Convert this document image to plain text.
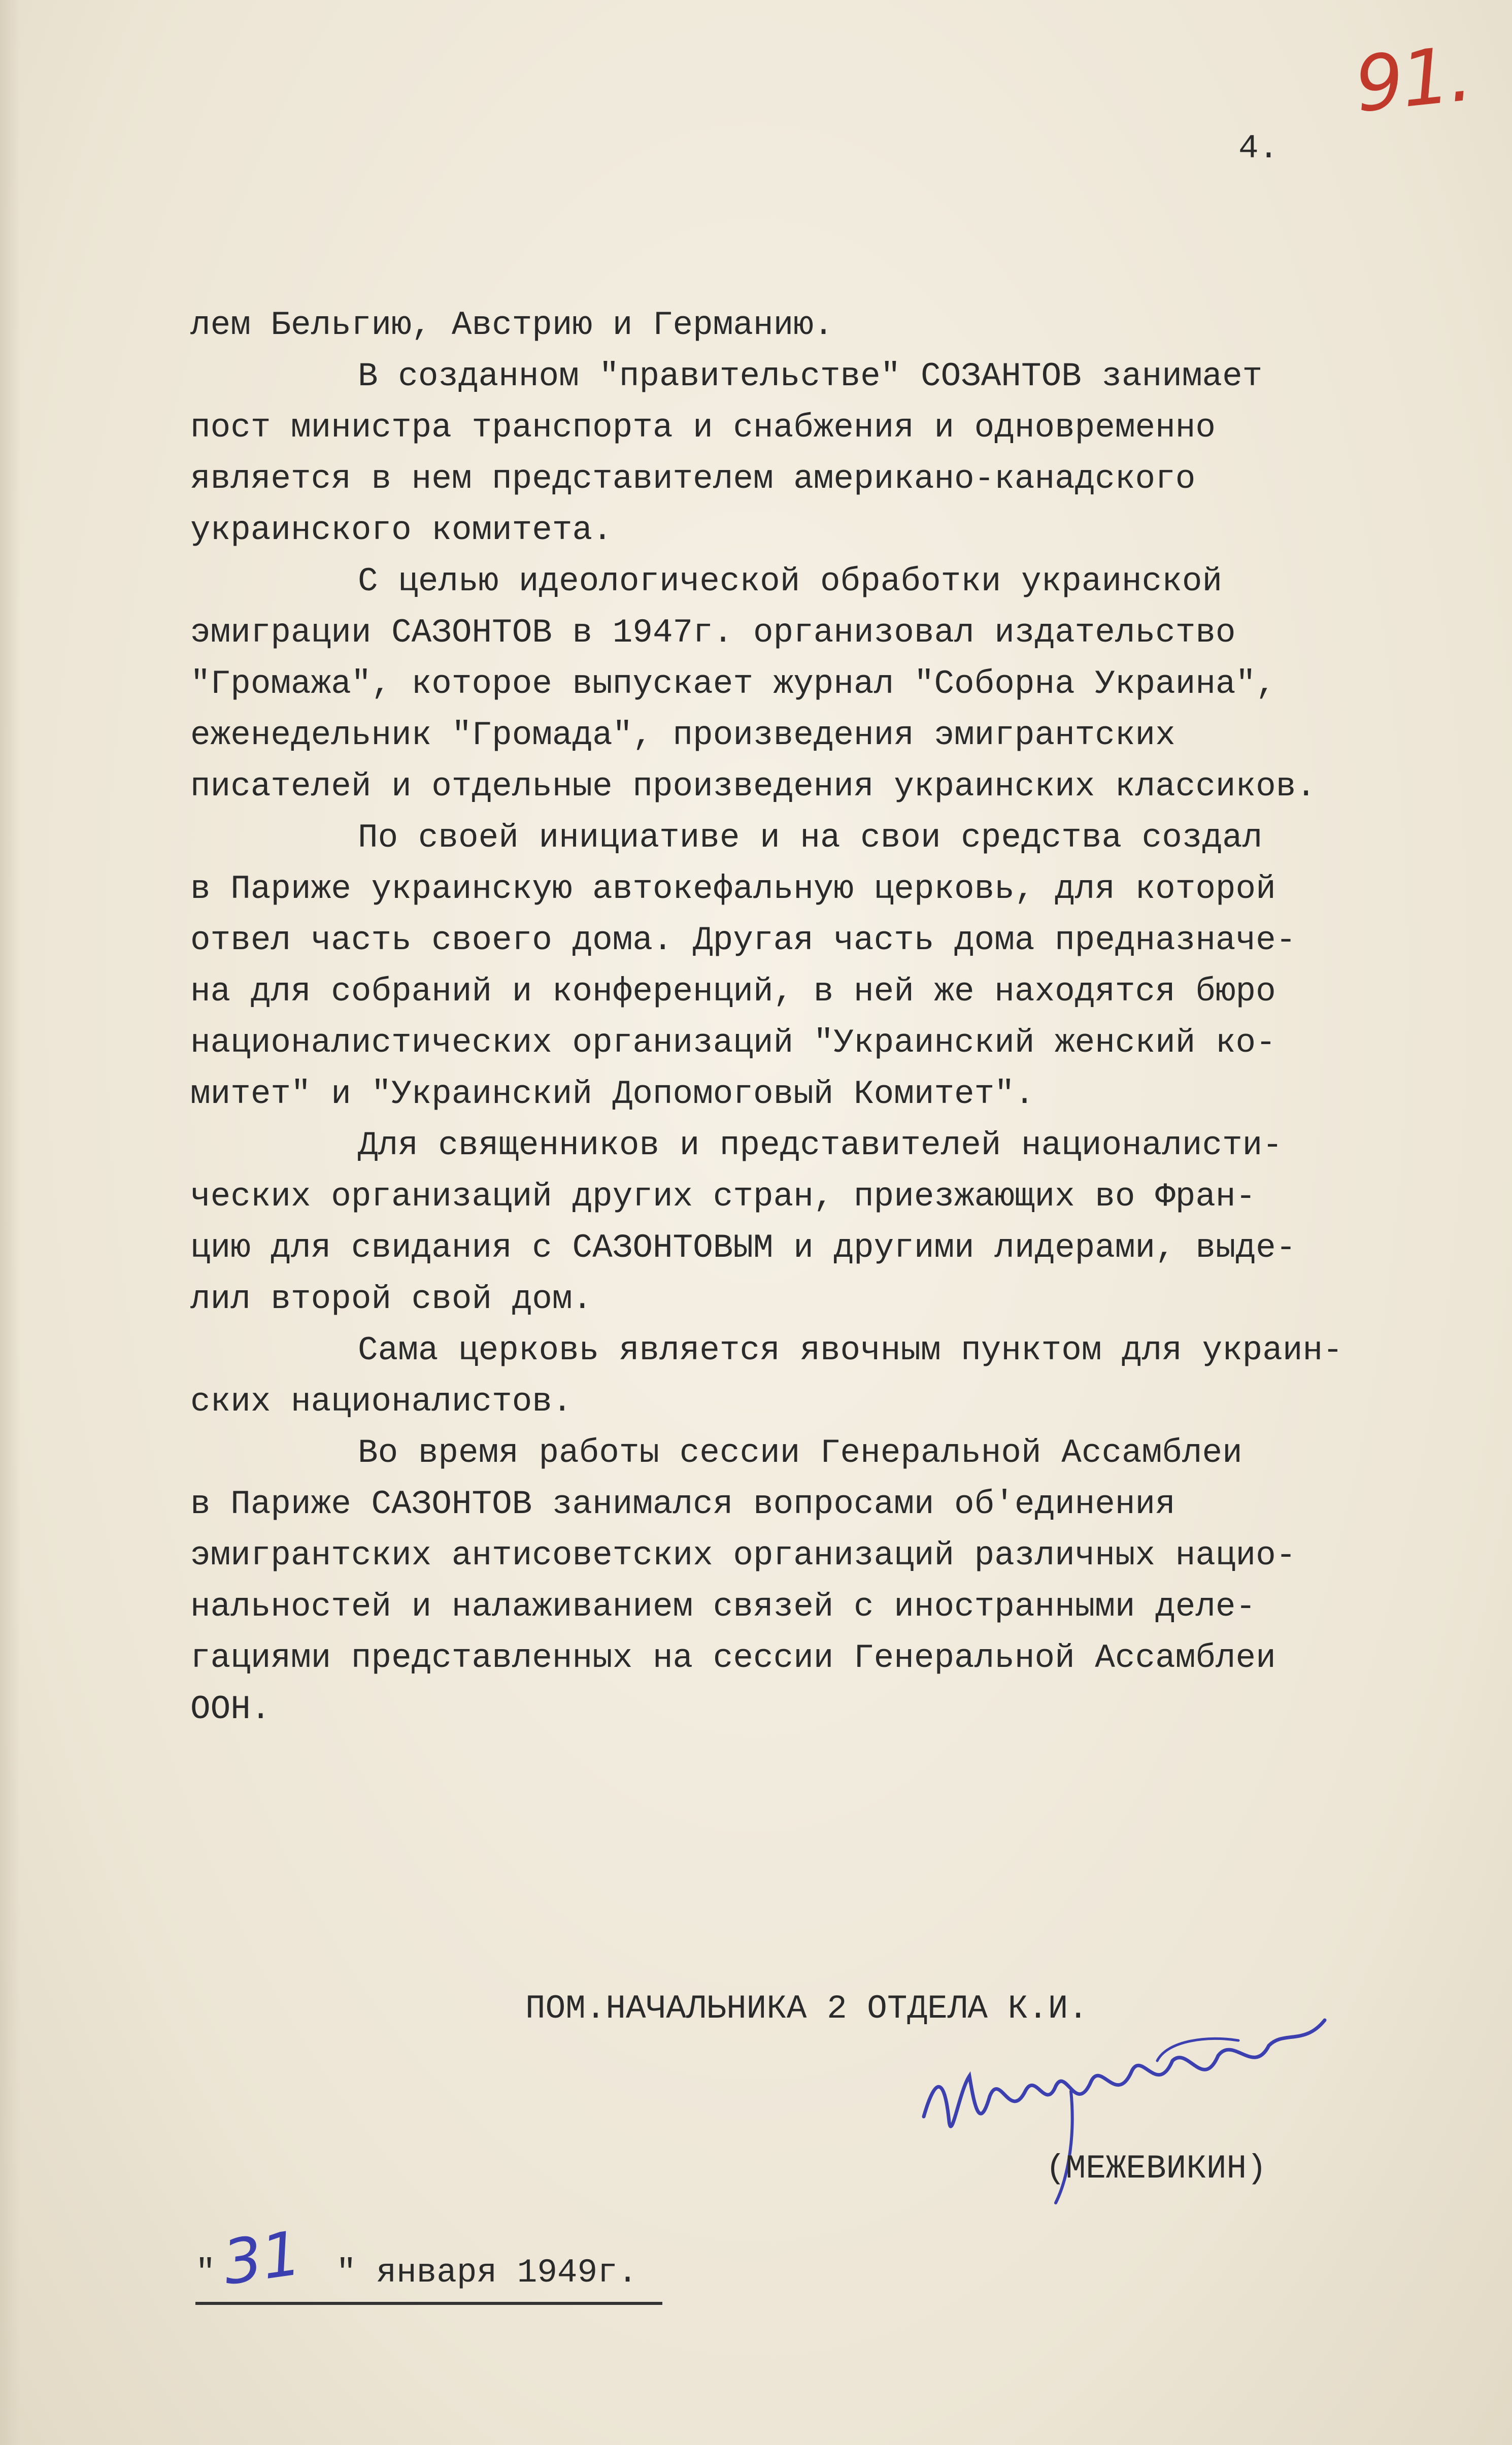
91.
4.
лем Бельгию, Австрию и Германию.
В созданном "правительстве" СОЗАНТОВ занимает
пост министра транспорта и снабжения и одновременно
является в нем представителем американо-канадского
украинского комитета.
С целью идеологической обработки украинской
эмиграции САЗОНТОВ в 1947г. организовал издательство
"Громажа", которое выпускает журнал "Соборна Украина",
еженедельник "Громада", произведения эмигрантских
писателей и отдельные произведения украинских классиков.
По своей инициативе и на свои средства создал
в Париже украинскую автокефальную церковь, для которой
отвел часть своего дома. Другая часть дома предназначе-
на для собраний и конференций, в ней же находятся бюро
националистических организаций "Украинский женский ко-
митет" и "Украинский Допомоговый Комитет".
Для священников и представителей националисти-
ческих организаций других стран, приезжающих во Фран-
цию для свидания с САЗОНТОВЫМ и другими лидерами, выде-
лил второй свой дом.
Сама церковь является явочным пунктом для украин-
ских националистов.
Во время работы сессии Генеральной Ассамблеи
в Париже САЗОНТОВ занимался вопросами об'единения
эмигрантских антисоветских организаций различных нацио-
нальностей и налаживанием связей с иностранными деле-
гациями представленных на сессии Генеральной Ассамблеи
ООН.
ПОМ.НАЧАЛЬНИКА 2 ОТДЕЛА К.И.
(МЕЖЕВИКИН)
"	" января 1949г.
31
